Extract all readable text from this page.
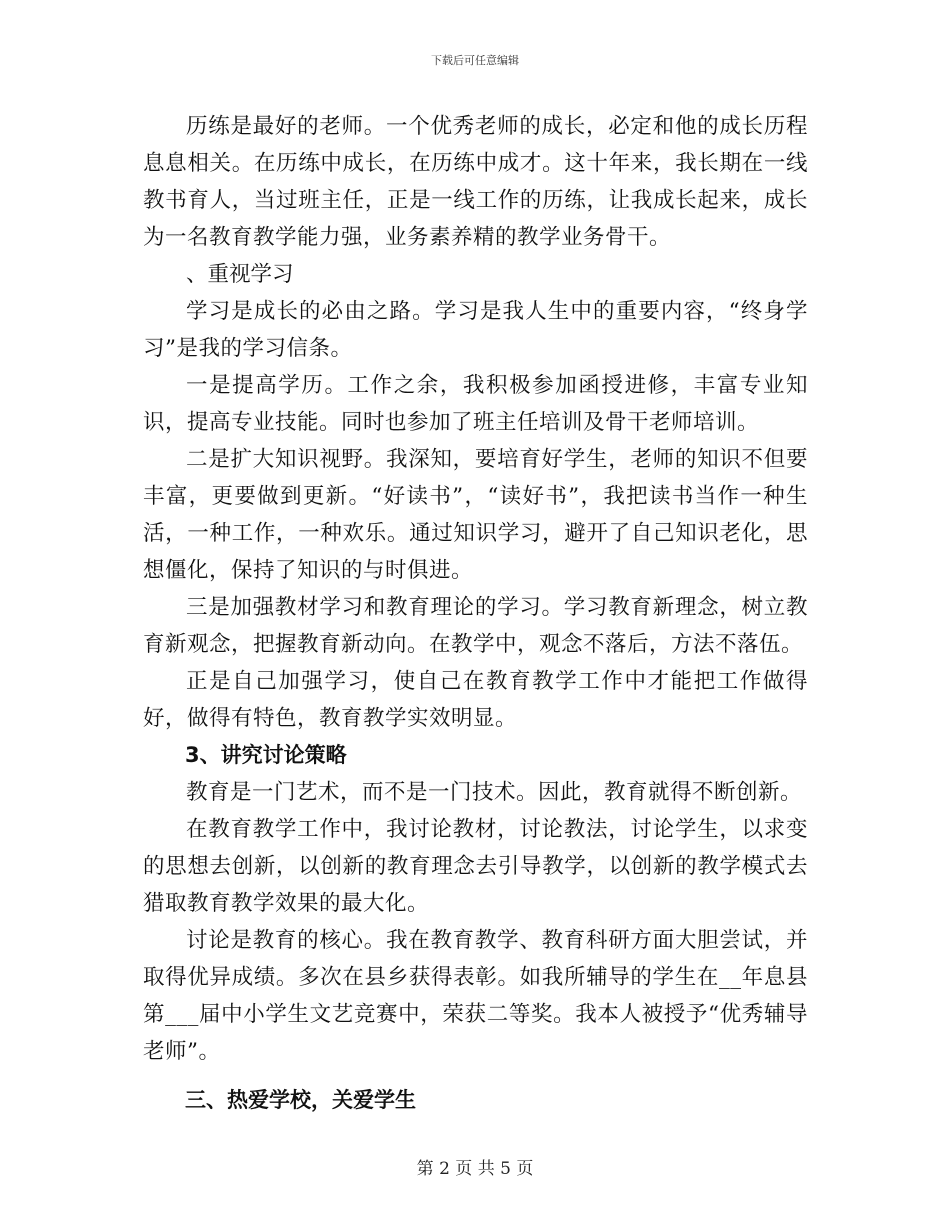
下载后可任意编辑

历练是最好的老师。一个优秀老师的成长，必定和他的成长历程息息相关。在历练中成长，在历练中成才。这十年来，我长期在一线教书育人，当过班主任，正是一线工作的历练，让我成长起来，成长为一名教育教学能力强，业务素养精的教学业务骨干。

、重视学习

学习是成长的必由之路。学习是我人生中的重要内容，“终身学习”是我的学习信条。

一是提高学历。工作之余，我积极参加函授进修，丰富专业知识，提高专业技能。同时也参加了班主任培训及骨干老师培训。

二是扩大知识视野。我深知，要培育好学生，老师的知识不但要丰富，更要做到更新。“好读书”，“读好书”，我把读书当作一种生活，一种工作，一种欢乐。通过知识学习，避开了自己知识老化，思想僵化，保持了知识的与时俱进。

三是加强教材学习和教育理论的学习。学习教育新理念，树立教育新观念，把握教育新动向。在教学中，观念不落后，方法不落伍。

正是自己加强学习，使自己在教育教学工作中才能把工作做得好，做得有特色，教育教学实效明显。

3、讲究讨论策略

教育是一门艺术，而不是一门技术。因此，教育就得不断创新。

在教育教学工作中，我讨论教材，讨论教法，讨论学生，以求变的思想去创新，以创新的教育理念去引导教学，以创新的教学模式去猎取教育教学效果的最大化。

讨论是教育的核心。我在教育教学、教育科研方面大胆尝试，并取得优异成绩。多次在县乡获得表彰。如我所辅导的学生在__年息县第___届中小学生文艺竞赛中，荣获二等奖。我本人被授予“优秀辅导老师”。

三、热爱学校，关爱学生

第 2 页 共 5 页
